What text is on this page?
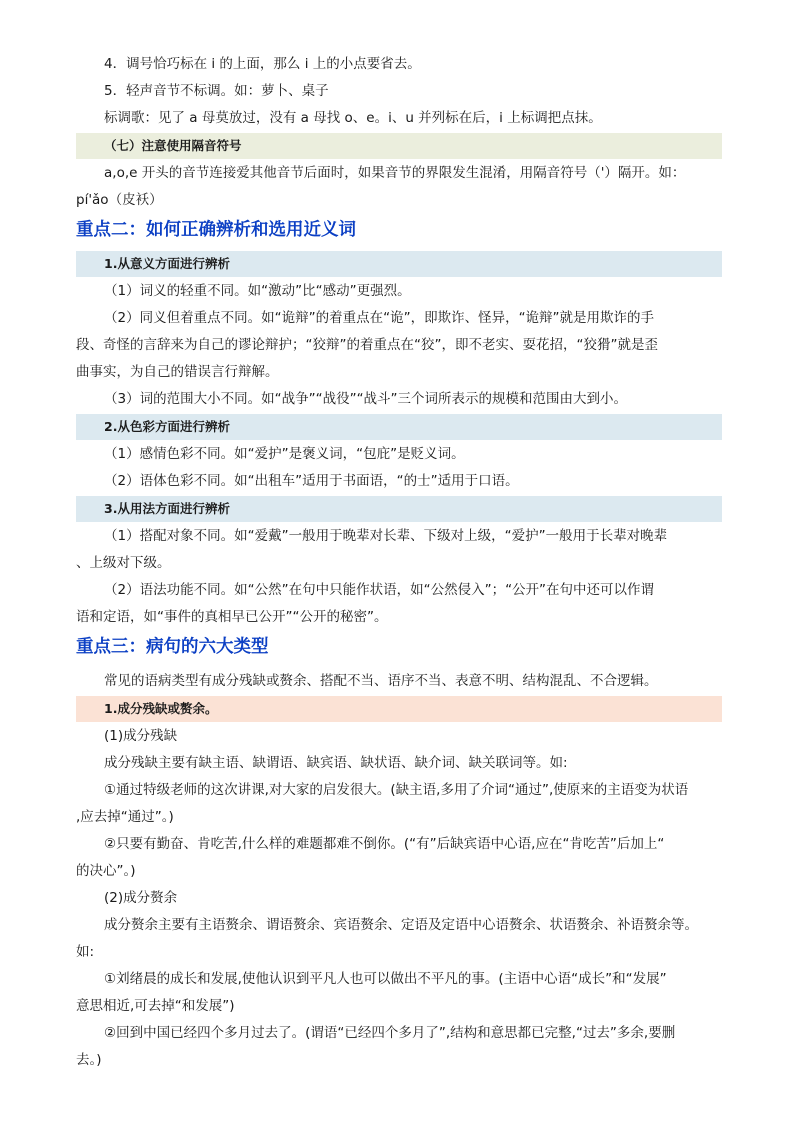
4．调号恰巧标在 i 的上面，那么 i 上的小点要省去。
5．轻声音节不标调。如：萝卜、桌子
标调歌：见了 a 母莫放过，没有 a 母找 o、e。i、u 并列标在后，i 上标调把点抹。
（七）注意使用隔音符号
a,o,e 开头的音节连接爱其他音节后面时，如果音节的界限发生混淆，用隔音符号（'）隔开。如：
pí'ǎo（皮袄）
重点二：如何正确辨析和选用近义词
1.从意义方面进行辨析
（1）词义的轻重不同。如“激动”比“感动”更强烈。
（2）同义但着重点不同。如“诡辩”的着重点在“诡”，即欺诈、怪异，“诡辩”就是用欺诈的手
段、奇怪的言辞来为自己的谬论辩护；“狡辩”的着重点在“狡”，即不老实、耍花招，“狡猾”就是歪
曲事实，为自己的错误言行辩解。
（3）词的范围大小不同。如“战争”“战役”“战斗”三个词所表示的规模和范围由大到小。
2.从色彩方面进行辨析
（1）感情色彩不同。如“爱护”是褒义词，“包庇”是贬义词。
（2）语体色彩不同。如“出租车”适用于书面语，“的士”适用于口语。
3.从用法方面进行辨析
（1）搭配对象不同。如“爱戴”一般用于晚辈对长辈、下级对上级，“爱护”一般用于长辈对晚辈
、上级对下级。
（2）语法功能不同。如“公然”在句中只能作状语，如“公然侵入”；“公开”在句中还可以作谓
语和定语，如“事件的真相早已公开”“公开的秘密”。
重点三：病句的六大类型
常见的语病类型有成分残缺或赘余、搭配不当、语序不当、表意不明、结构混乱、不合逻辑。
1.成分残缺或赘余。
(1)成分残缺
成分残缺主要有缺主语、缺谓语、缺宾语、缺状语、缺介词、缺关联词等。如:
①通过特级老师的这次讲课,对大家的启发很大。(缺主语,多用了介词“通过”,使原来的主语变为状语
,应去掉“通过”。)
②只要有勤奋、肯吃苦,什么样的难题都难不倒你。(“有”后缺宾语中心语,应在“肯吃苦”后加上“
的决心”。)
(2)成分赘余
成分赘余主要有主语赘余、谓语赘余、宾语赘余、定语及定语中心语赘余、状语赘余、补语赘余等。
如:
①刘绪晨的成长和发展,使他认识到平凡人也可以做出不平凡的事。(主语中心语“成长”和“发展”
意思相近,可去掉“和发展”)
②回到中国已经四个多月过去了。(谓语“已经四个多月了”,结构和意思都已完整,“过去”多余,要删
去。)
